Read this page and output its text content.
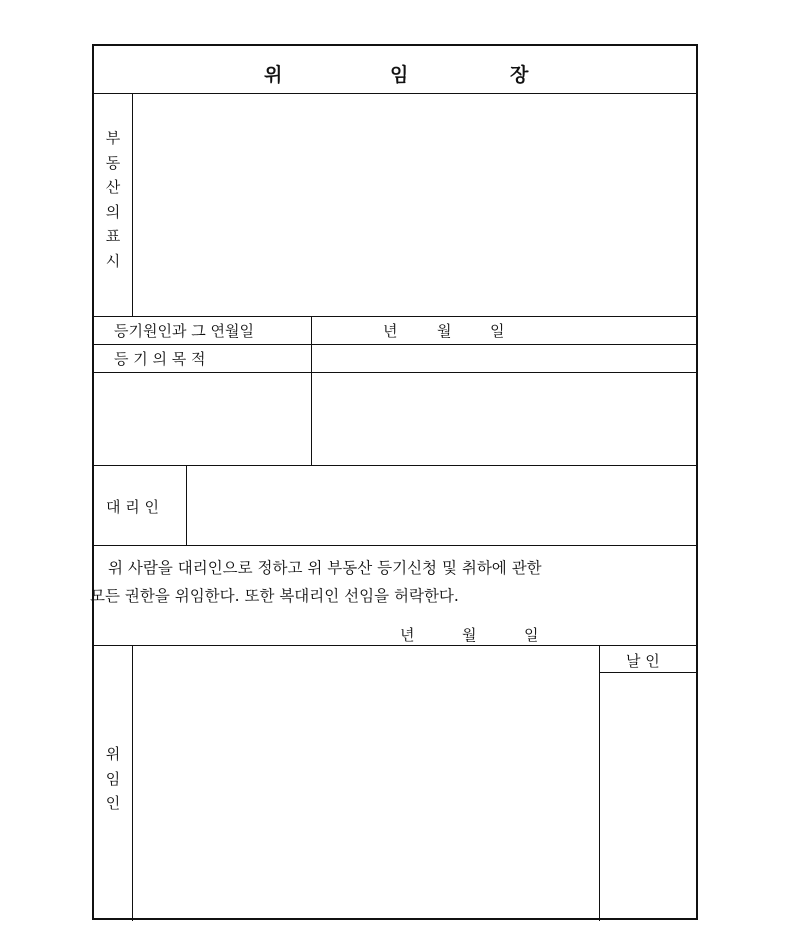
위	임	장
부
동
산
의
표
시
등기원인과 그 연월일	년	월	일
등 기 의 목 적
대 리 인
위 사람을 대리인으로 정하고 위 부동산 등기신청 및 취하에 관한
모든 권한을 위임한다. 또한 복대리인 선임을 허락한다.
년	월	일
위
임
인
날 인
